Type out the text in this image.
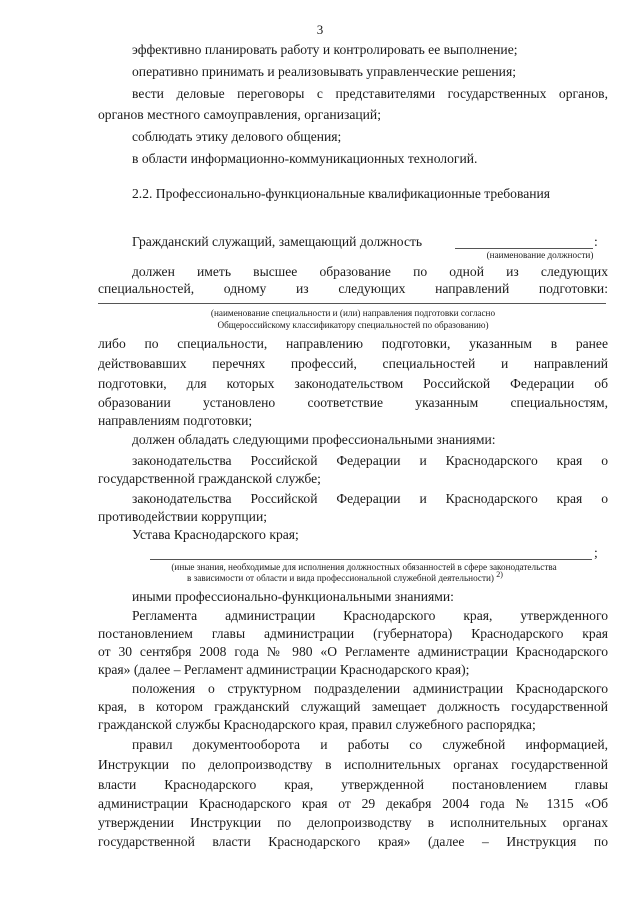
3
эффективно планировать работу и контролировать ее выполнение;
оперативно принимать и реализовывать управленческие решения;
вести деловые переговоры с представителями государственных органов,
органов местного самоуправления, организаций;
соблюдать этику делового общения;
в области информационно-коммуникационных технологий.
2.2. Профессионально-функциональные квалификационные требования
Гражданский служащий, замещающий должность	:
(наименование должности)
должен иметь высшее образование по одной из следующих
специальностей, одному из следующих направлений подготовки:
(наименование специальности и (или) направления подготовки согласно
Общероссийскому классификатору специальностей по образованию)
либо по специальности, направлению подготовки, указанным в ранее
действовавших перечнях профессий, специальностей и направлений
подготовки, для которых законодательством Российской Федерации об
образовании установлено соответствие указанным специальностям,
направлениям подготовки;
должен обладать следующими профессиональными знаниями:
законодательства Российской Федерации и Краснодарского края о
государственной гражданской службе;
законодательства Российской Федерации и Краснодарского края о
противодействии коррупции;
Устава Краснодарского края;
;
(иные знания, необходимые для исполнения должностных обязанностей в сфере законодательства
в зависимости от области и вида профессиональной служебной деятельности) $^{2)}$
иными профессионально-функциональными знаниями:
Регламента администрации Краснодарского края, утвержденного
постановлением главы администрации (губернатора) Краснодарского края
от 30 сентября 2008 года № 980 «О Регламенте администрации Краснодарского
края» (далее – Регламент администрации Краснодарского края);
положения о структурном подразделении администрации Краснодарского
края, в котором гражданский служащий замещает должность государственной
гражданской службы Краснодарского края, правил служебного распорядка;
правил документооборота и работы со служебной информацией,
Инструкции по делопроизводству в исполнительных органах государственной
власти Краснодарского края, утвержденной постановлением главы
администрации Краснодарского края от 29 декабря 2004 года № 1315 «Об
утверждении Инструкции по делопроизводству в исполнительных органах
государственной власти Краснодарского края» (далее – Инструкция по
